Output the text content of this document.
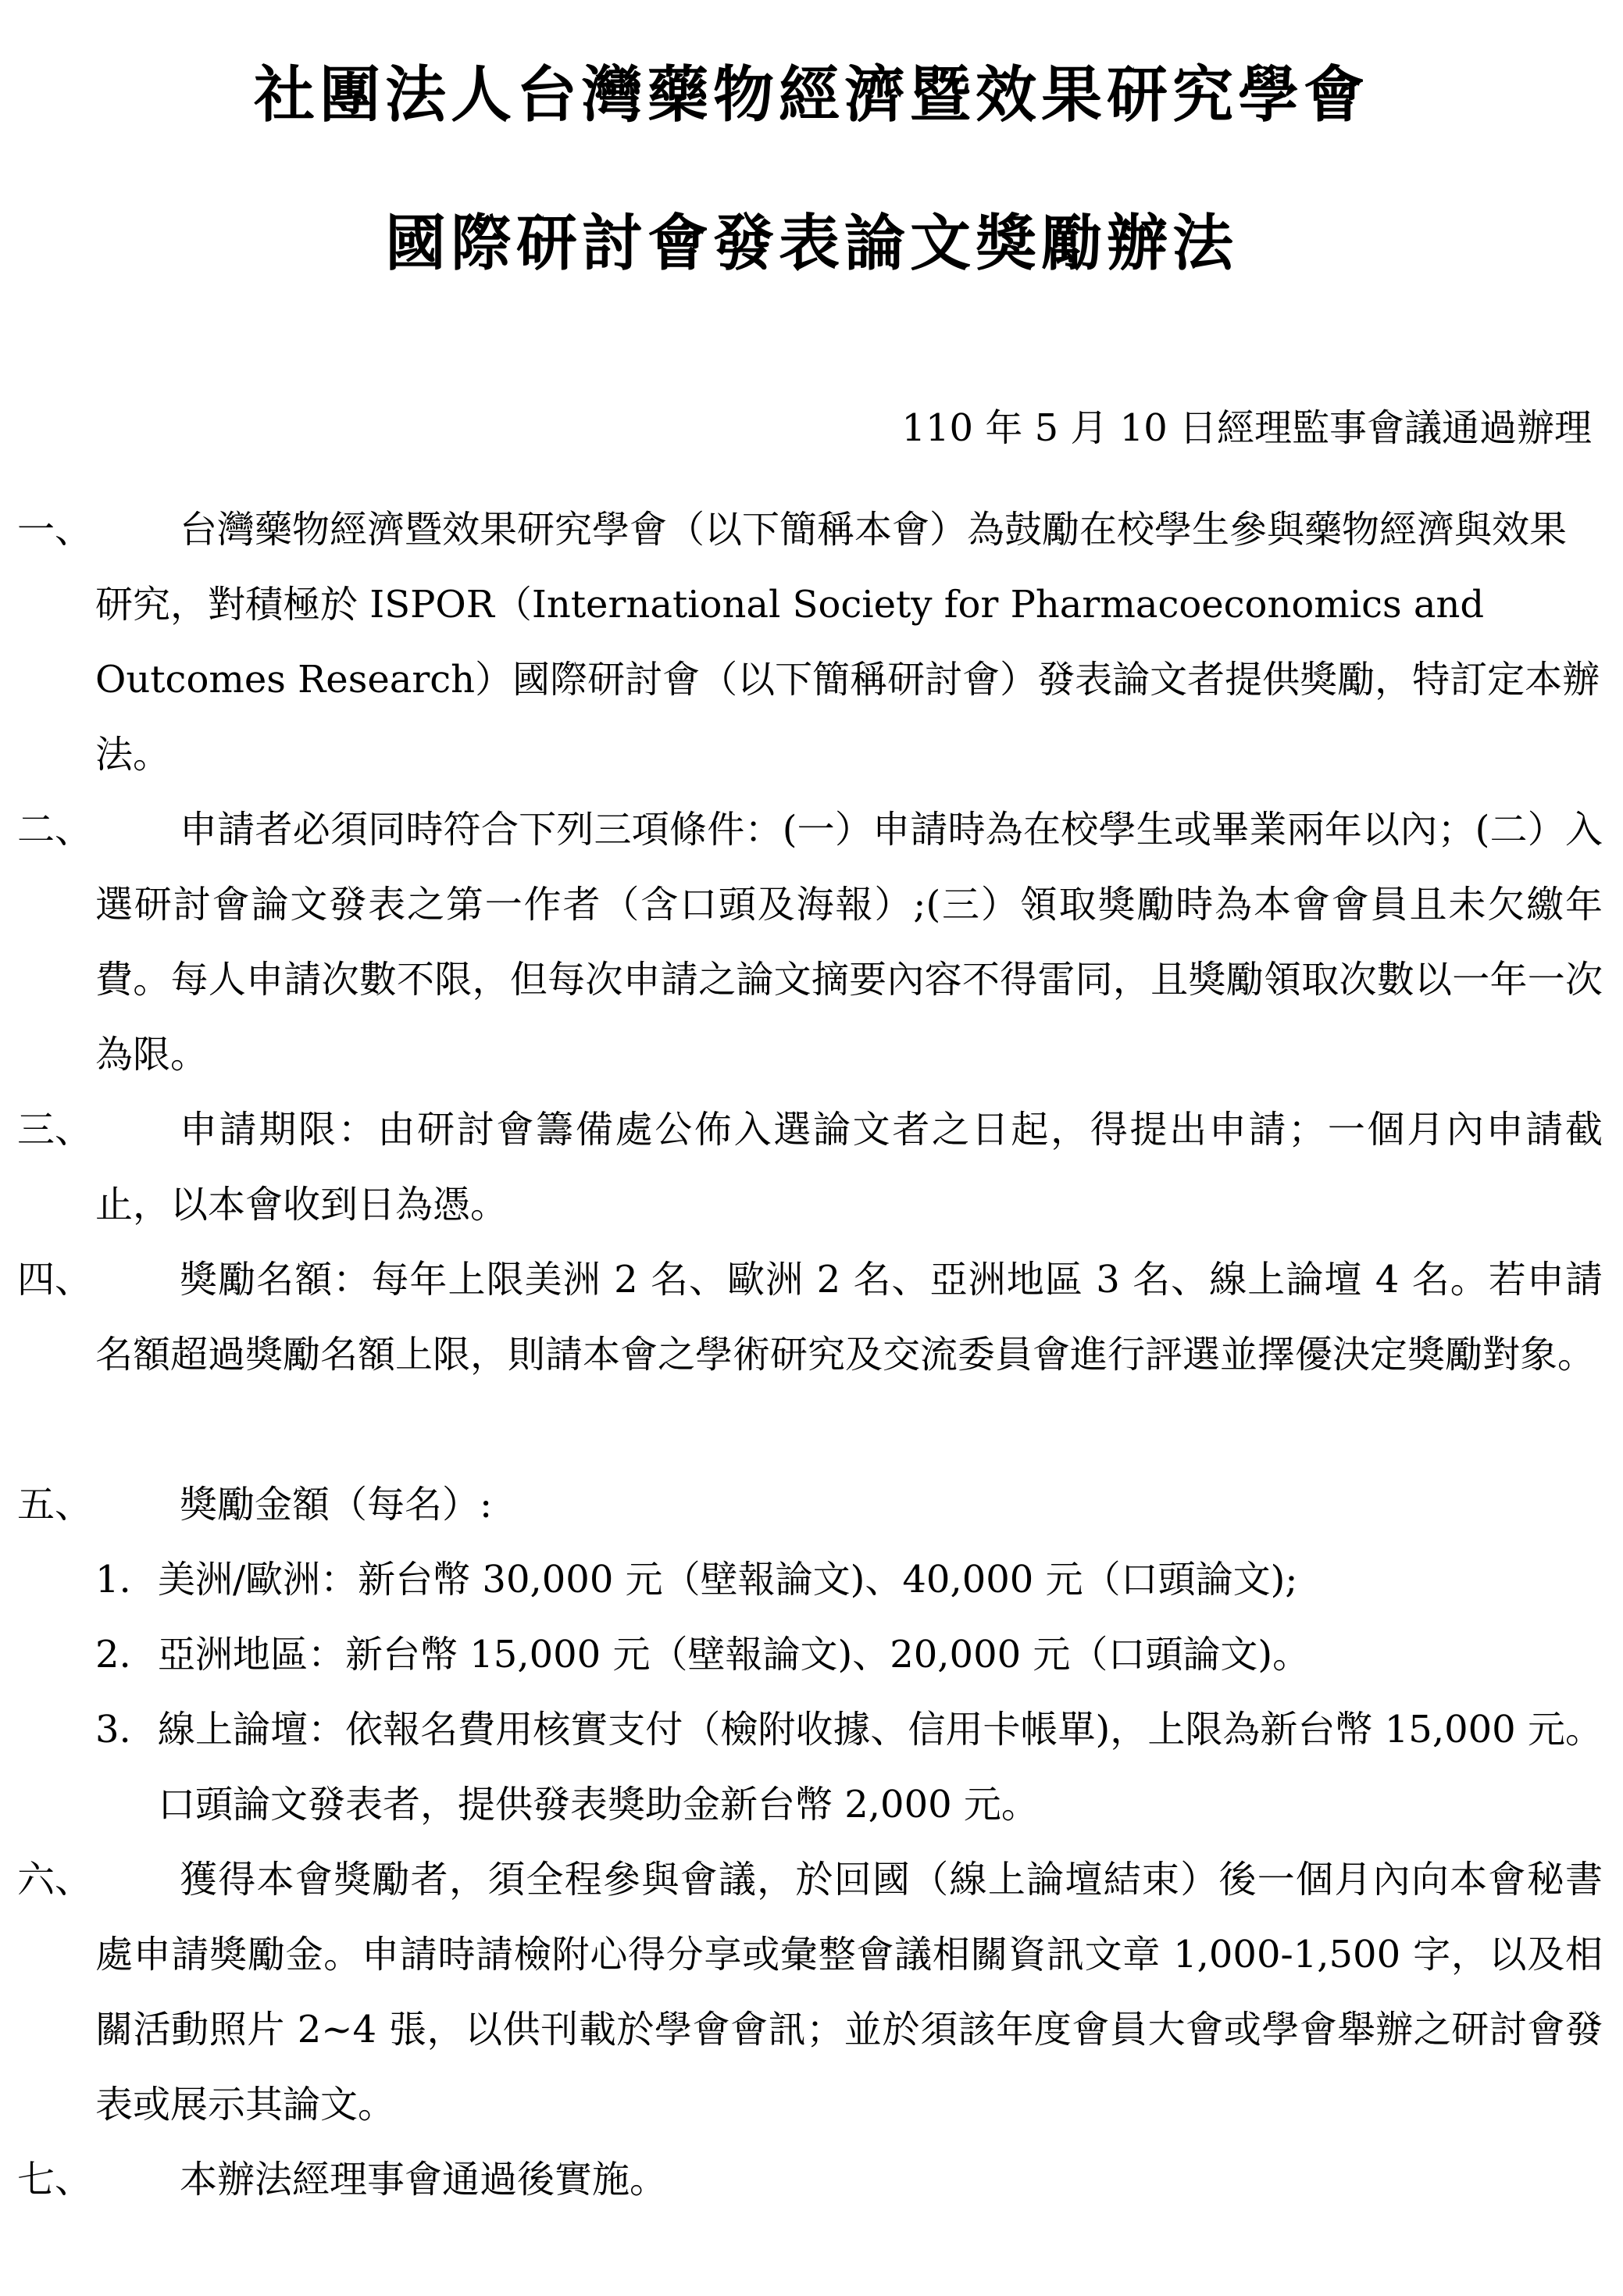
社團法人台灣藥物經濟暨效果研究學會
國際研討會發表論文獎勵辦法
110 年 5 月 10 日經理監事會議通過辦理
一、	台灣藥物經濟暨效果研究學會（以下簡稱本會）為鼓勵在校學生參與藥物經濟與效果研究，對積極於 ISPOR（International Society for Pharmacoeconomics and Outcomes Research）國際研討會（以下簡稱研討會）發表論文者提供獎勵，特訂定本辦法。
二、	申請者必須同時符合下列三項條件：(一）申請時為在校學生或畢業兩年以內；(二）入選研討會論文發表之第一作者（含口頭及海報）;(三）領取獎勵時為本會會員且未欠繳年費。每人申請次數不限，但每次申請之論文摘要內容不得雷同，且獎勵領取次數以一年一次為限。
三、	申請期限：由研討會籌備處公佈入選論文者之日起，得提出申請；一個月內申請截止，以本會收到日為憑。
四、	獎勵名額：每年上限美洲 2 名、歐洲 2 名、亞洲地區 3 名、線上論壇 4 名。若申請名額超過獎勵名額上限，則請本會之學術研究及交流委員會進行評選並擇優決定獎勵對象。
五、	獎勵金額（每名）:
1. 美洲/歐洲：新台幣 30,000 元（壁報論文)、40,000 元（口頭論文);
2. 亞洲地區：新台幣 15,000 元（壁報論文)、20,000 元（口頭論文)。
3. 線上論壇：依報名費用核實支付（檢附收據、信用卡帳單)，上限為新台幣 15,000 元。口頭論文發表者，提供發表獎助金新台幣 2,000 元。
六、	獲得本會獎勵者，須全程參與會議，於回國（線上論壇結束）後一個月內向本會秘書處申請獎勵金。申請時請檢附心得分享或彙整會議相關資訊文章 1,000-1,500 字，以及相關活動照片 2~4 張，以供刊載於學會會訊；並於須該年度會員大會或學會舉辦之研討會發表或展示其論文。
七、	本辦法經理事會通過後實施。
